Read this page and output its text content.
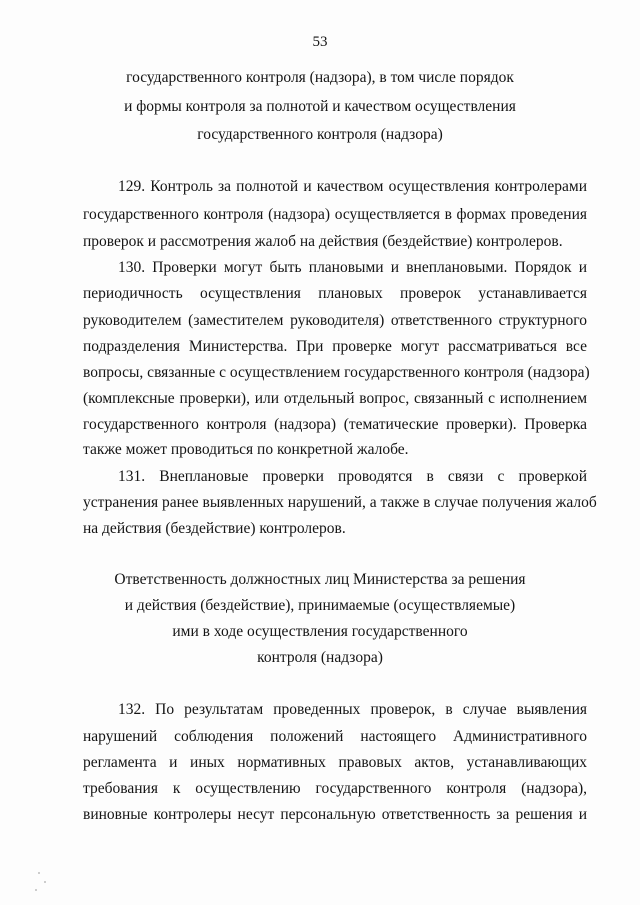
53
государственного контроля (надзора), в том числе порядок
и формы контроля за полнотой и качеством осуществления
государственного контроля (надзора)
129. Контроль за полнотой и качеством осуществления контролерами
государственного контроля (надзора) осуществляется в формах проведения
проверок и рассмотрения жалоб на действия (бездействие) контролеров.
130. Проверки могут быть плановыми и внеплановыми. Порядок и
периодичность осуществления плановых проверок устанавливается
руководителем (заместителем руководителя) ответственного структурного
подразделения Министерства. При проверке могут рассматриваться все
вопросы, связанные с осуществлением государственного контроля (надзора)
(комплексные проверки), или отдельный вопрос, связанный с исполнением
государственного контроля (надзора) (тематические проверки). Проверка
также может проводиться по конкретной жалобе.
131. Внеплановые проверки проводятся в связи с проверкой
устранения ранее выявленных нарушений, а также в случае получения жалоб
на действия (бездействие) контролеров.
Ответственность должностных лиц Министерства за решения
и действия (бездействие), принимаемые (осуществляемые)
ими в ходе осуществления государственного
контроля (надзора)
132. По результатам проведенных проверок, в случае выявления
нарушений соблюдения положений настоящего Административного
регламента и иных нормативных правовых актов, устанавливающих
требования к осуществлению государственного контроля (надзора),
виновные контролеры несут персональную ответственность за решения и
